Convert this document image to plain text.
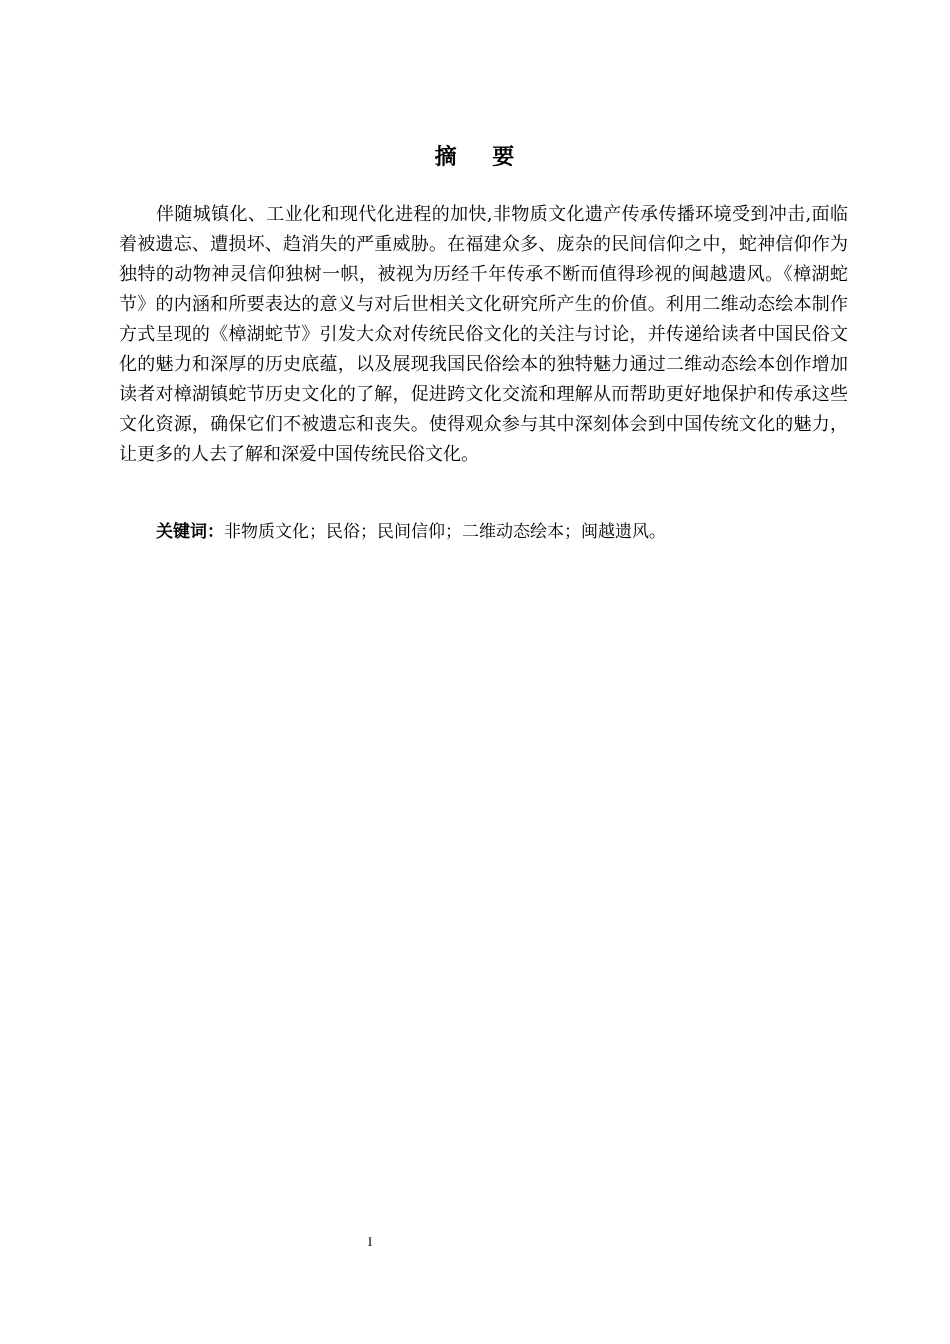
摘    要

伴随城镇化、工业化和现代化进程的加快,非物质文化遗产传承传播环境受到冲击,面临着被遗忘、遭损坏、趋消失的严重威胁。在福建众多、庞杂的民间信仰之中，蛇神信仰作为独特的动物神灵信仰独树一帜，被视为历经千年传承不断而值得珍视的闽越遗风。《樟湖蛇节》的内涵和所要表达的意义与对后世相关文化研究所产生的价值。利用二维动态绘本制作方式呈现的《樟湖蛇节》引发大众对传统民俗文化的关注与讨论，并传递给读者中国民俗文化的魅力和深厚的历史底蕴，以及展现我国民俗绘本的独特魅力通过二维动态绘本创作增加读者对樟湖镇蛇节历史文化的了解，促进跨文化交流和理解从而帮助更好地保护和传承这些文化资源，确保它们不被遗忘和丧失。使得观众参与其中深刻体会到中国传统文化的魅力，让更多的人去了解和深爱中国传统民俗文化。

关键词：非物质文化；民俗；民间信仰；二维动态绘本；闽越遗风。
I
